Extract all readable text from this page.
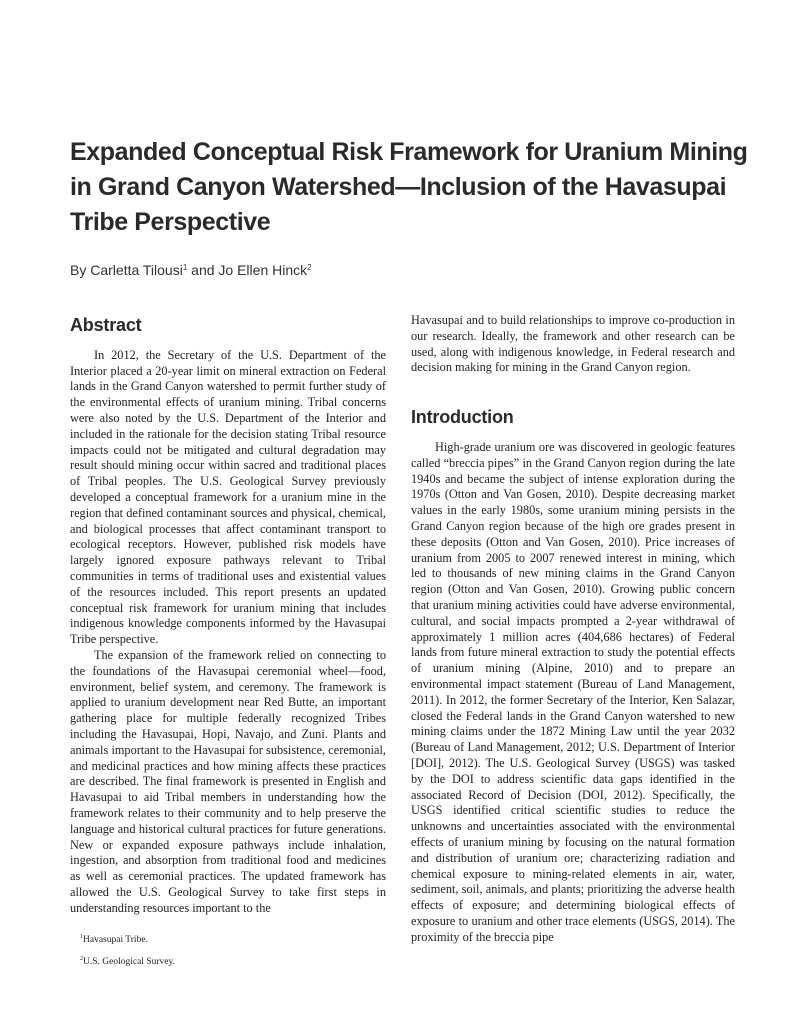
Expanded Conceptual Risk Framework for Uranium Mining in Grand Canyon Watershed—Inclusion of the Havasupai Tribe Perspective

By Carletta Tilousi$^1$ and Jo Ellen Hinck$^2$

Abstract

In 2012, the Secretary of the U.S. Department of the Interior placed a 20-year limit on mineral extraction on Federal lands in the Grand Canyon watershed to permit further study of the environmental effects of uranium mining. Tribal concerns were also noted by the U.S. Department of the Interior and included in the rationale for the decision stating Tribal resource impacts could not be mitigated and cultural degradation may result should mining occur within sacred and traditional places of Tribal peoples. The U.S. Geological Survey previously developed a conceptual framework for a uranium mine in the region that defined contaminant sources and physical, chemical, and biological processes that affect contaminant transport to ecological receptors. However, published risk models have largely ignored exposure pathways relevant to Tribal communities in terms of traditional uses and existential values of the resources included. This report presents an updated conceptual risk framework for uranium mining that includes indigenous knowledge components informed by the Havasupai Tribe perspective.

The expansion of the framework relied on connecting to the foundations of the Havasupai ceremonial wheel—food, environment, belief system, and ceremony. The framework is applied to uranium development near Red Butte, an important gathering place for multiple federally recognized Tribes including the Havasupai, Hopi, Navajo, and Zuni. Plants and animals important to the Havasupai for subsistence, ceremonial, and medicinal practices and how mining affects these practices are described. The final framework is presented in English and Havasupai to aid Tribal members in understanding how the framework relates to their community and to help preserve the language and historical cultural practices for future generations. New or expanded exposure pathways include inhalation, ingestion, and absorption from traditional food and medicines as well as ceremonial practices. The updated framework has allowed the U.S. Geological Survey to take first steps in understanding resources important to the

Havasupai and to build relationships to improve co-production in our research. Ideally, the framework and other research can be used, along with indigenous knowledge, in Federal research and decision making for mining in the Grand Canyon region.

Introduction

High-grade uranium ore was discovered in geologic features called “breccia pipes” in the Grand Canyon region during the late 1940s and became the subject of intense exploration during the 1970s (Otton and Van Gosen, 2010). Despite decreasing market values in the early 1980s, some uranium mining persists in the Grand Canyon region because of the high ore grades present in these deposits (Otton and Van Gosen, 2010). Price increases of uranium from 2005 to 2007 renewed interest in mining, which led to thousands of new mining claims in the Grand Canyon region (Otton and Van Gosen, 2010). Growing public concern that uranium mining activities could have adverse environmental, cultural, and social impacts prompted a 2-year withdrawal of approximately 1 million acres (404,686 hectares) of Federal lands from future mineral extraction to study the potential effects of uranium mining (Alpine, 2010) and to prepare an environmental impact statement (Bureau of Land Management, 2011). In 2012, the former Secretary of the Interior, Ken Salazar, closed the Federal lands in the Grand Canyon watershed to new mining claims under the 1872 Mining Law until the year 2032 (Bureau of Land Management, 2012; U.S. Department of Interior [DOI], 2012). The U.S. Geological Survey (USGS) was tasked by the DOI to address scientific data gaps identified in the associated Record of Decision (DOI, 2012). Specifically, the USGS identified critical scientific studies to reduce the unknowns and uncertainties associated with the environmental effects of uranium mining by focusing on the natural formation and distribution of uranium ore; characterizing radiation and chemical exposure to mining-related elements in air, water, sediment, soil, animals, and plants; prioritizing the adverse health effects of exposure; and determining biological effects of exposure to uranium and other trace elements (USGS, 2014). The proximity of the breccia pipe

$^1$Havasupai Tribe.
$^2$U.S. Geological Survey.
